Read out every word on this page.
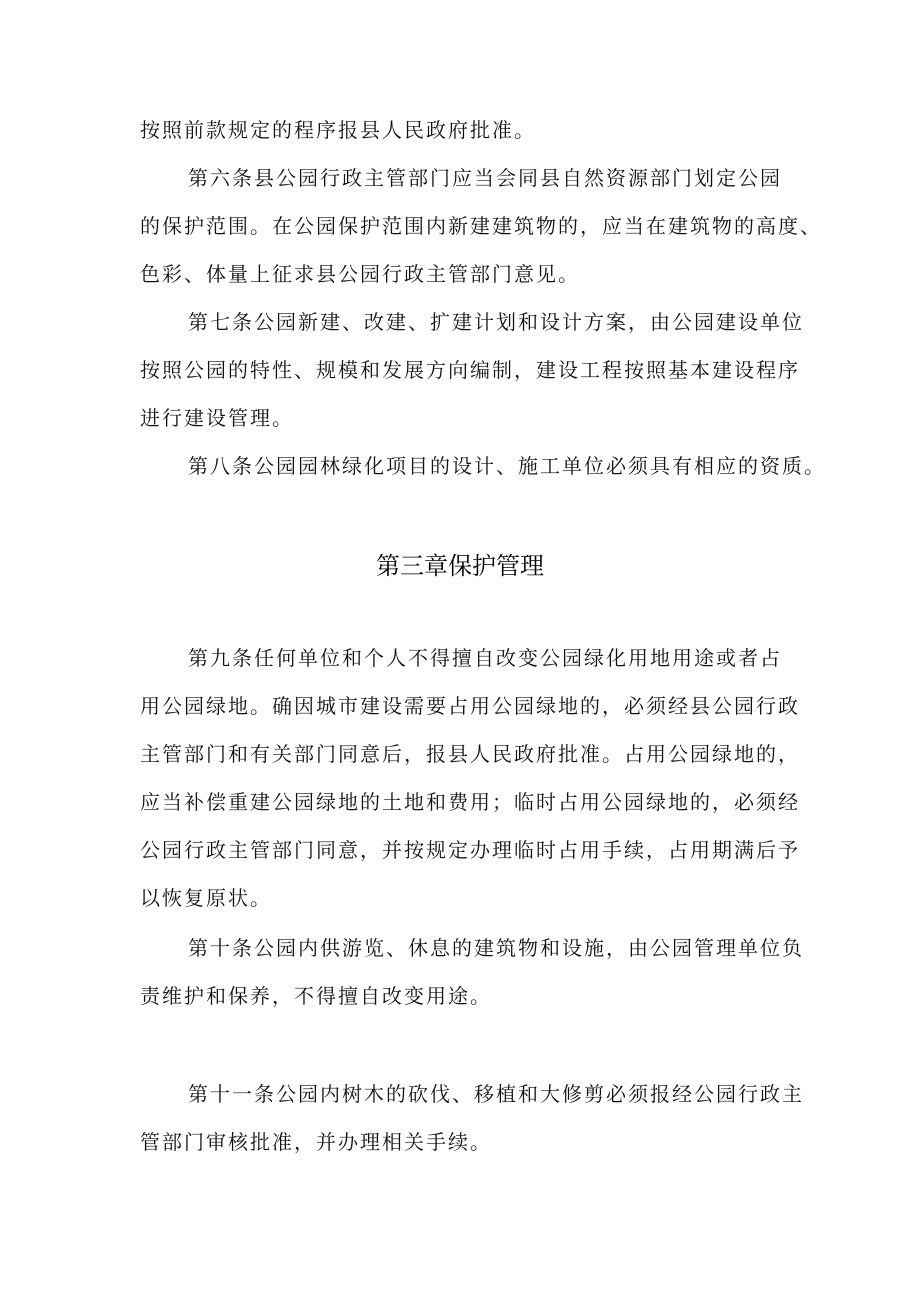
按照前款规定的程序报县人民政府批准。
第六条县公园行政主管部门应当会同县自然资源部门划定公园
的保护范围。在公园保护范围内新建建筑物的，应当在建筑物的高度、
色彩、体量上征求县公园行政主管部门意见。
第七条公园新建、改建、扩建计划和设计方案，由公园建设单位
按照公园的特性、规模和发展方向编制，建设工程按照基本建设程序
进行建设管理。
第八条公园园林绿化项目的设计、施工单位必须具有相应的资质。
第三章保护管理
第九条任何单位和个人不得擅自改变公园绿化用地用途或者占
用公园绿地。确因城市建设需要占用公园绿地的，必须经县公园行政
主管部门和有关部门同意后，报县人民政府批准。占用公园绿地的，
应当补偿重建公园绿地的土地和费用；临时占用公园绿地的，必须经
公园行政主管部门同意，并按规定办理临时占用手续，占用期满后予
以恢复原状。
第十条公园内供游览、休息的建筑物和设施，由公园管理单位负
责维护和保养，不得擅自改变用途。
第十一条公园内树木的砍伐、移植和大修剪必须报经公园行政主
管部门审核批准，并办理相关手续。
